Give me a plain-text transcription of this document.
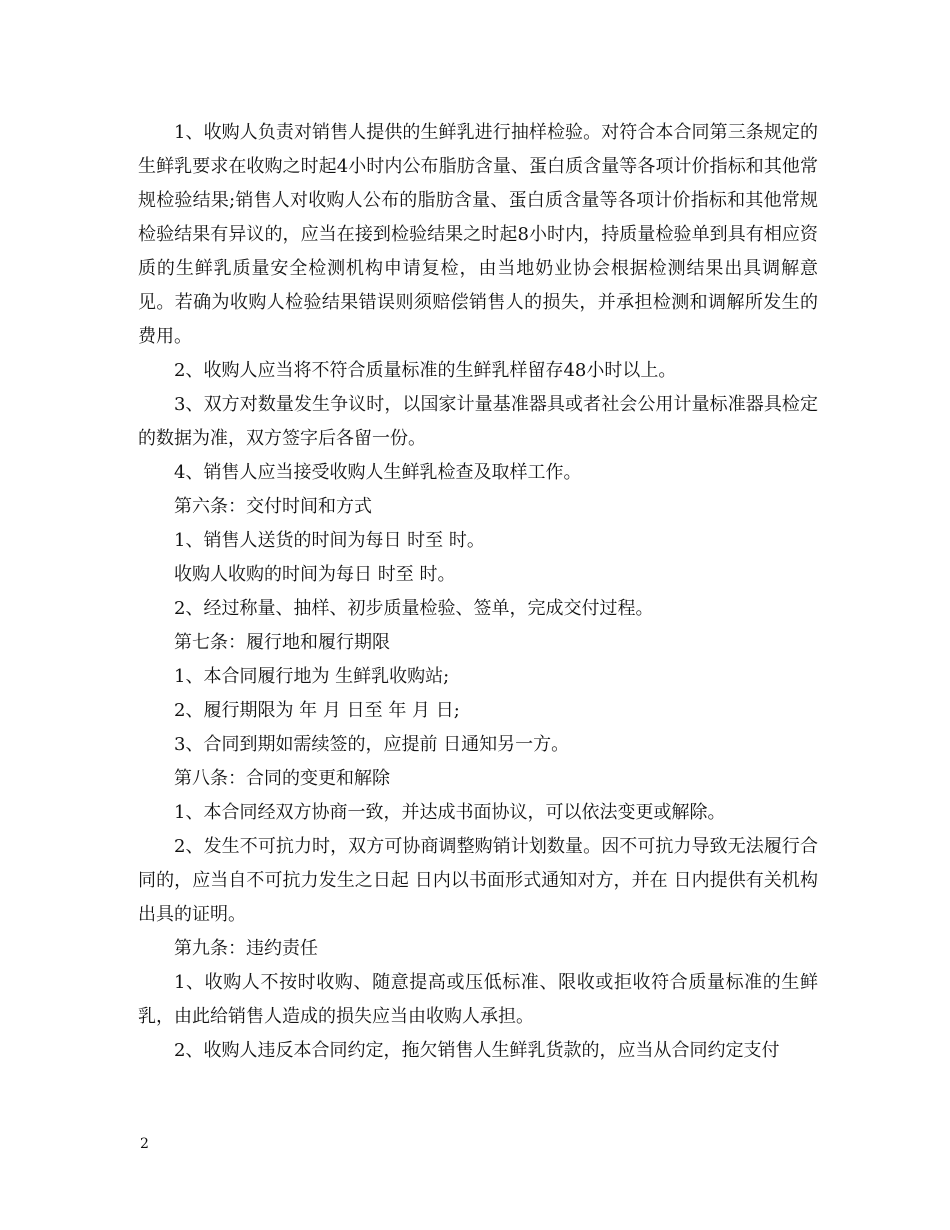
1、收购人负责对销售人提供的生鲜乳进行抽样检验。对符合本合同第三条规定的生鲜乳要求在收购之时起4小时内公布脂肪含量、蛋白质含量等各项计价指标和其他常规检验结果;销售人对收购人公布的脂肪含量、蛋白质含量等各项计价指标和其他常规检验结果有异议的，应当在接到检验结果之时起8小时内，持质量检验单到具有相应资质的生鲜乳质量安全检测机构申请复检，由当地奶业协会根据检测结果出具调解意见。若确为收购人检验结果错误则须赔偿销售人的损失，并承担检测和调解所发生的费用。

2、收购人应当将不符合质量标准的生鲜乳样留存48小时以上。

3、双方对数量发生争议时，以国家计量基准器具或者社会公用计量标准器具检定的数据为准，双方签字后各留一份。

4、销售人应当接受收购人生鲜乳检查及取样工作。

第六条：交付时间和方式

1、销售人送货的时间为每日 时至 时。

收购人收购的时间为每日 时至 时。

2、经过称量、抽样、初步质量检验、签单，完成交付过程。

第七条：履行地和履行期限

1、本合同履行地为 生鲜乳收购站;

2、履行期限为 年 月 日至 年 月 日;

3、合同到期如需续签的，应提前 日通知另一方。

第八条：合同的变更和解除

1、本合同经双方协商一致，并达成书面协议，可以依法变更或解除。

2、发生不可抗力时，双方可协商调整购销计划数量。因不可抗力导致无法履行合同的，应当自不可抗力发生之日起 日内以书面形式通知对方，并在 日内提供有关机构出具的证明。

第九条：违约责任

1、收购人不按时收购、随意提高或压低标准、限收或拒收符合质量标准的生鲜乳，由此给销售人造成的损失应当由收购人承担。

2、收购人违反本合同约定，拖欠销售人生鲜乳货款的，应当从合同约定支付

2
